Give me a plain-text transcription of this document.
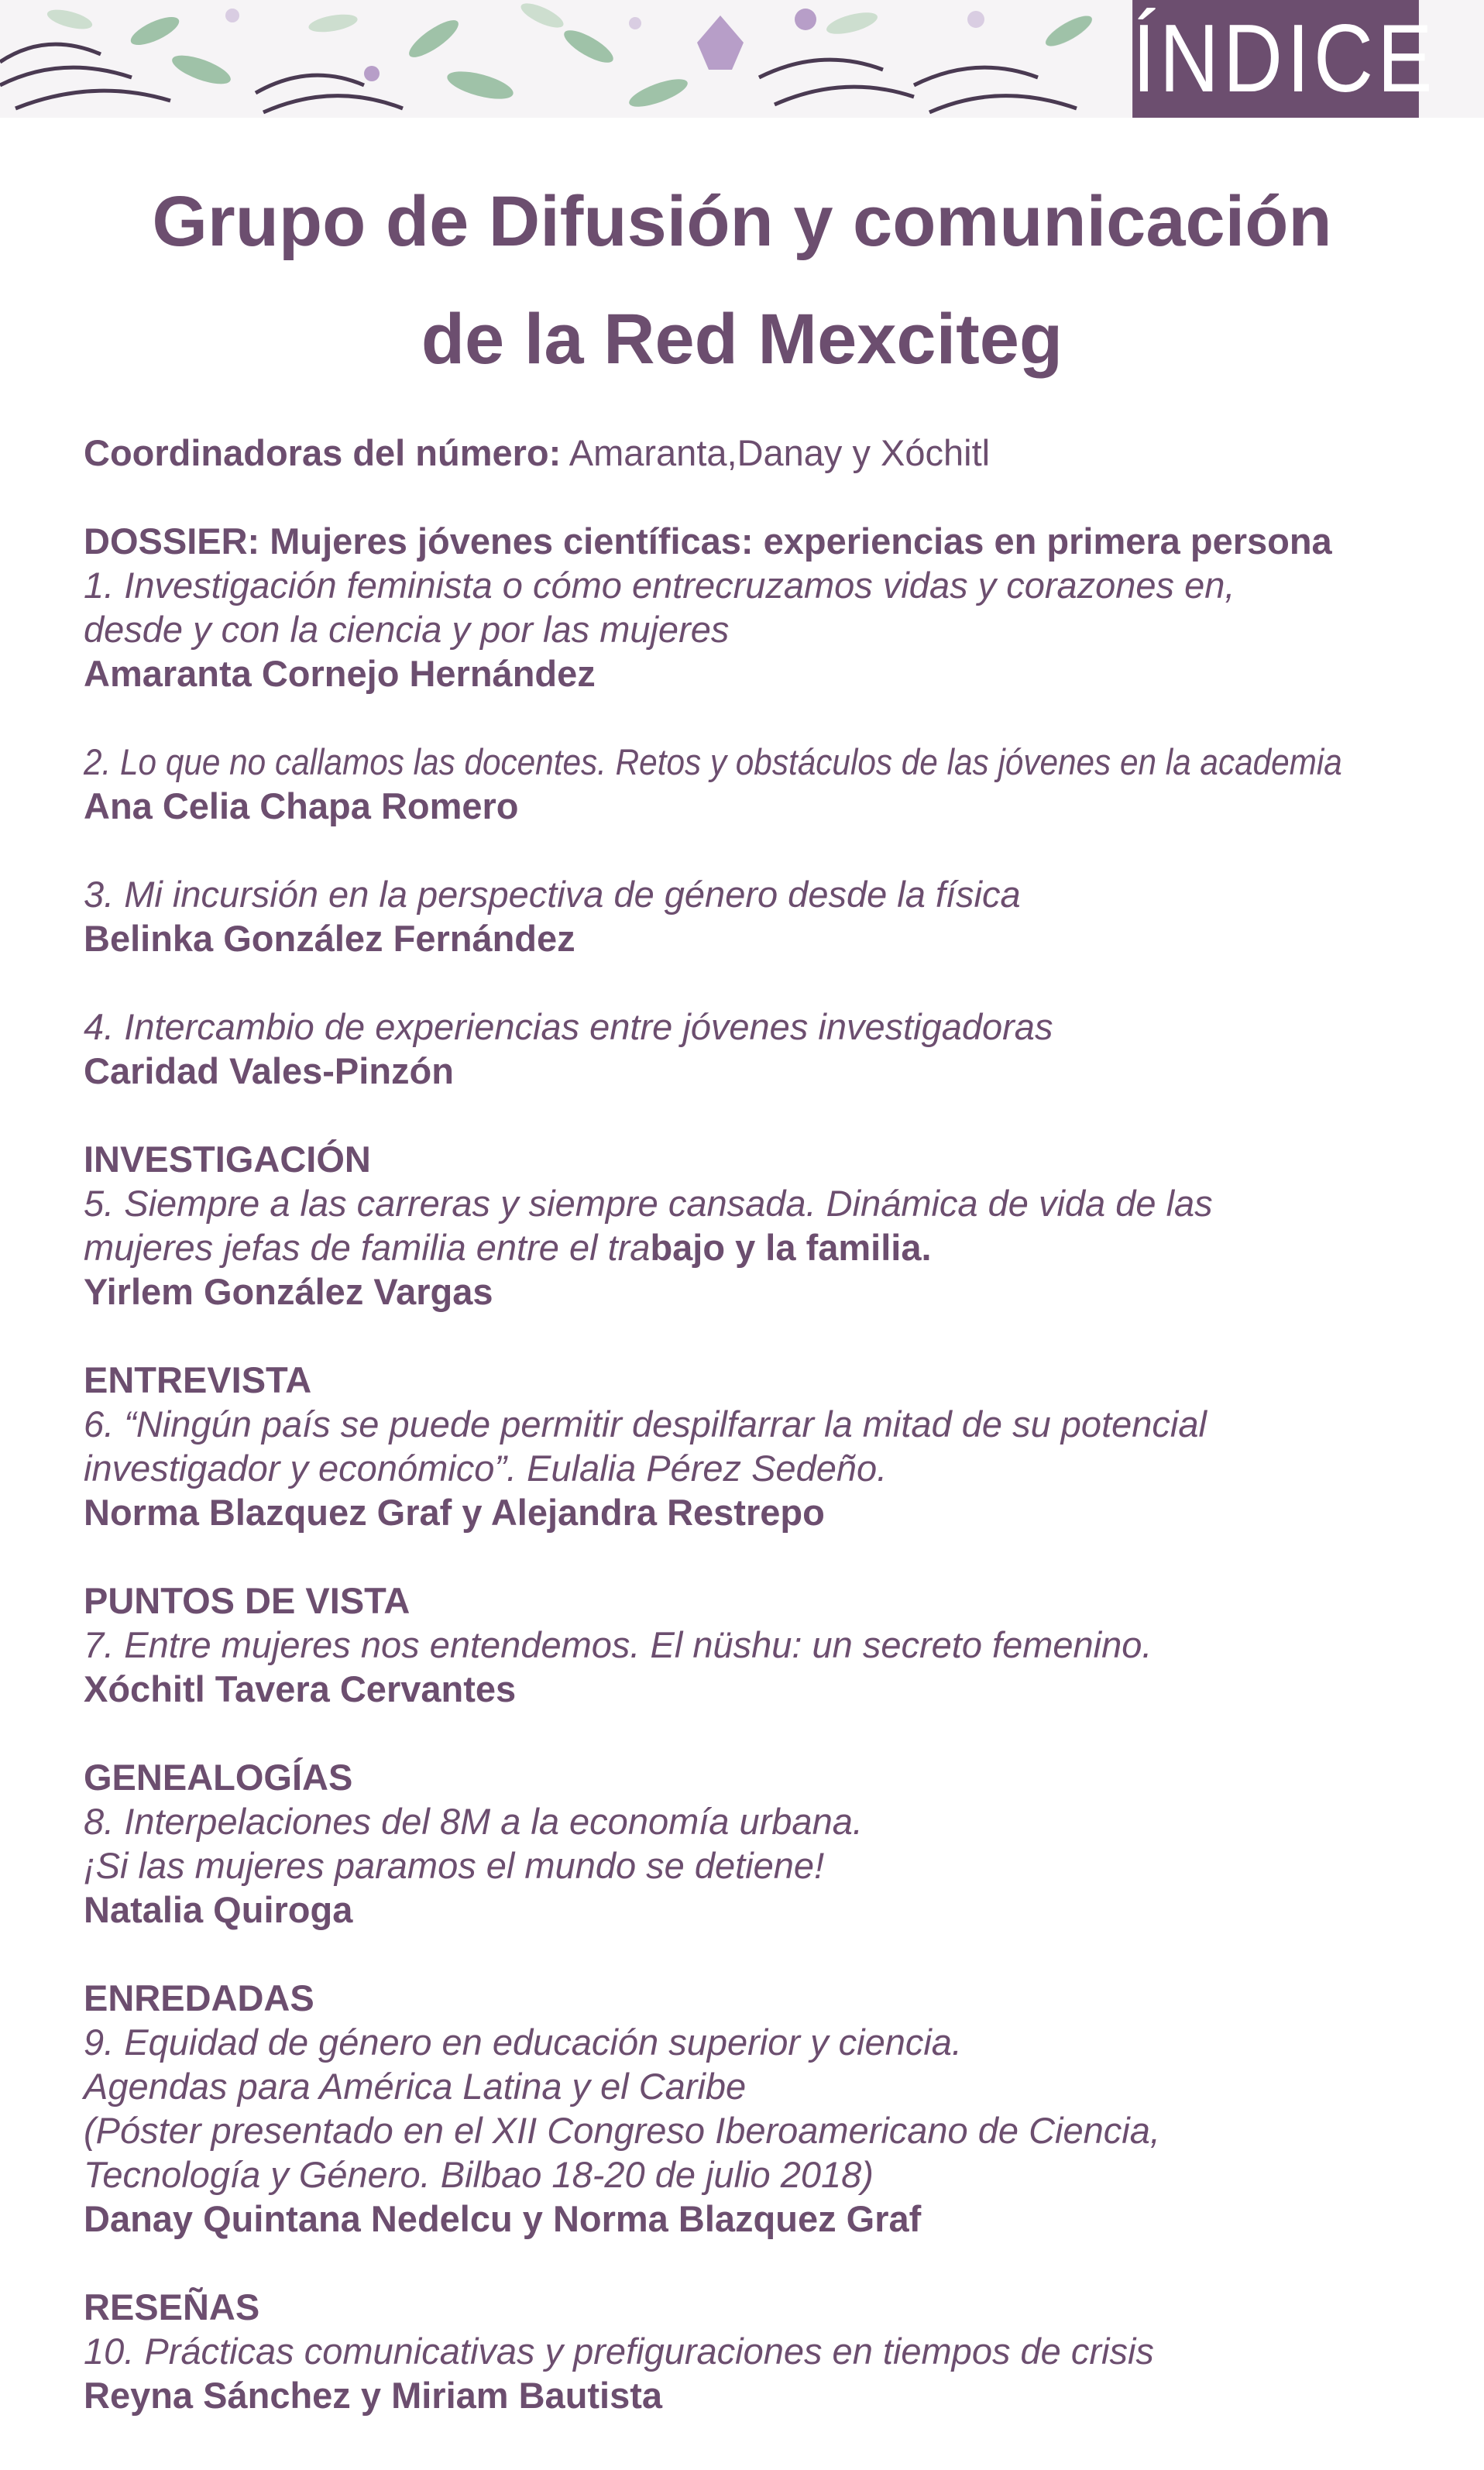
ÍNDICE
Grupo de Difusión y comunicación
de la Red Mexciteg
Coordinadoras del número: Amaranta,Danay y Xóchitl
DOSSIER: Mujeres jóvenes científicas: experiencias en primera persona
1. Investigación feminista o cómo entrecruzamos vidas y corazones en,
desde y con la ciencia y por las mujeres
Amaranta Cornejo Hernández
2. Lo que no callamos las docentes. Retos y obstáculos de las jóvenes en la academia
Ana Celia Chapa Romero
3. Mi incursión en la perspectiva de género desde la física
Belinka González Fernández
4. Intercambio de experiencias entre jóvenes investigadoras
Caridad Vales-Pinzón
INVESTIGACIÓN
5. Siempre a las carreras y siempre cansada. Dinámica de vida de las
mujeres jefas de familia entre el trabajo y la familia.
Yirlem González Vargas
ENTREVISTA
6. “Ningún país se puede permitir despilfarrar la mitad de su potencial
investigador y económico”. Eulalia Pérez Sedeño.
Norma Blazquez Graf y Alejandra Restrepo
PUNTOS DE VISTA
7. Entre mujeres nos entendemos. El nüshu: un secreto femenino.
Xóchitl Tavera Cervantes
GENEALOGÍAS
8. Interpelaciones del 8M a la economía urbana.
¡Si las mujeres paramos el mundo se detiene!
Natalia Quiroga
ENREDADAS
9. Equidad de género en educación superior y ciencia.
Agendas para América Latina y el Caribe
(Póster presentado en el XII Congreso Iberoamericano de Ciencia,
Tecnología y Género. Bilbao 18-20 de julio 2018)
Danay Quintana Nedelcu y Norma Blazquez Graf
RESEÑAS
10. Prácticas comunicativas y prefiguraciones en tiempos de crisis
Reyna Sánchez y Miriam Bautista
